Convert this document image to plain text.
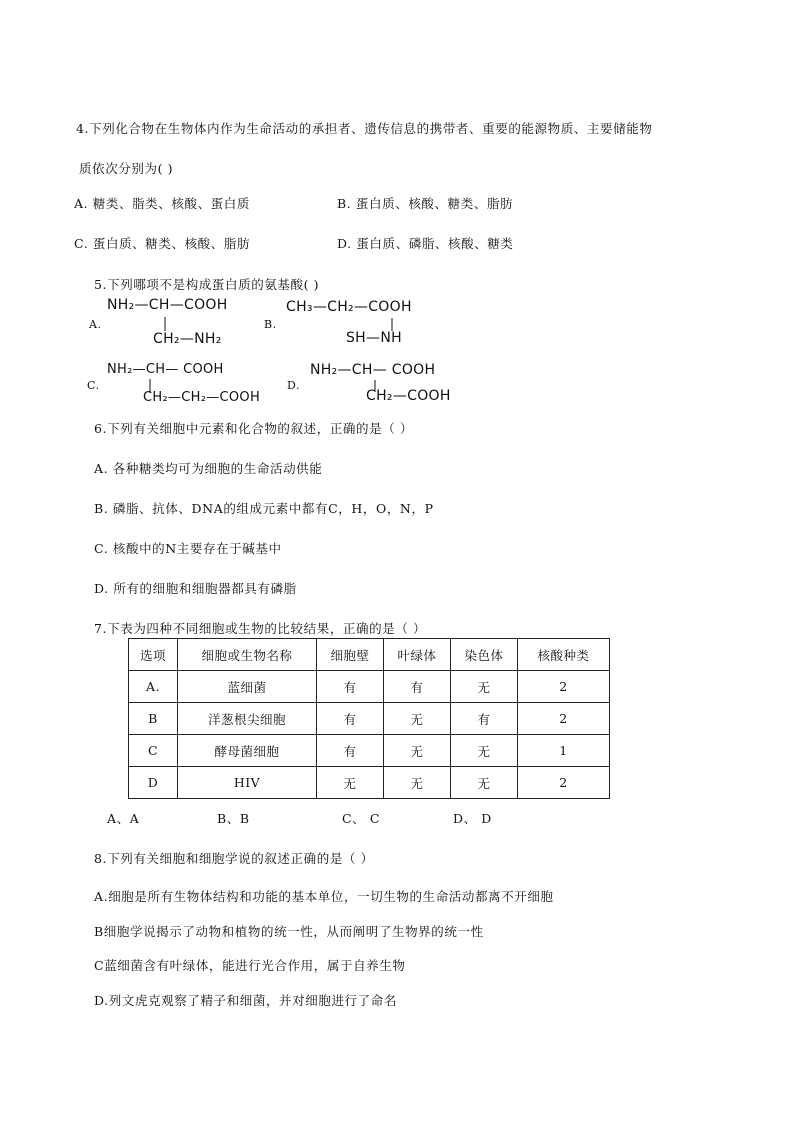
4.下列化合物在生物体内作为生命活动的承担者、遗传信息的携带者、重要的能源物质、主要储能物
质依次分别为( )
A. 糖类、脂类、核酸、蛋白质	B. 蛋白质、核酸、糖类、脂肪
C. 蛋白质、糖类、核酸、脂肪	D. 蛋白质、磷脂、核酸、糖类
5.下列哪项不是构成蛋白质的氨基酸( )
A.
NH₂—CH—COOH
CH₂—NH₂
B.
CH₃—CH₂—COOH
SH—NH
C.
NH₂—CH— COOH
CH₂—CH₂—COOH
D.
NH₂—CH— COOH
CH₂—COOH
6.下列有关细胞中元素和化合物的叙述，正确的是（ ）
A. 各种糖类均可为细胞的生命活动供能
B. 磷脂、抗体、DNA的组成元素中都有C，H，O，N，P
C. 核酸中的N主要存在于碱基中
D. 所有的细胞和细胞器都具有磷脂
7.下表为四种不同细胞或生物的比较结果，正确的是（ ）
选项	细胞或生物名称	细胞壁	叶绿体	染色体	核酸种类
A.	蓝细菌	有	有	无	2
B	洋葱根尖细胞	有	无	有	2
C	酵母菌细胞	有	无	无	1
D	HIV	无	无	无	2
A、A	B、B	C、 C	D、 D
8.下列有关细胞和细胞学说的叙述正确的是（ ）
A.细胞是所有生物体结构和功能的基本单位，一切生物的生命活动都离不开细胞
B细胞学说揭示了动物和植物的统一性，从而阐明了生物界的统一性
C蓝细菌含有叶绿体，能进行光合作用，属于自养生物
D.列文虎克观察了精子和细菌，并对细胞进行了命名
